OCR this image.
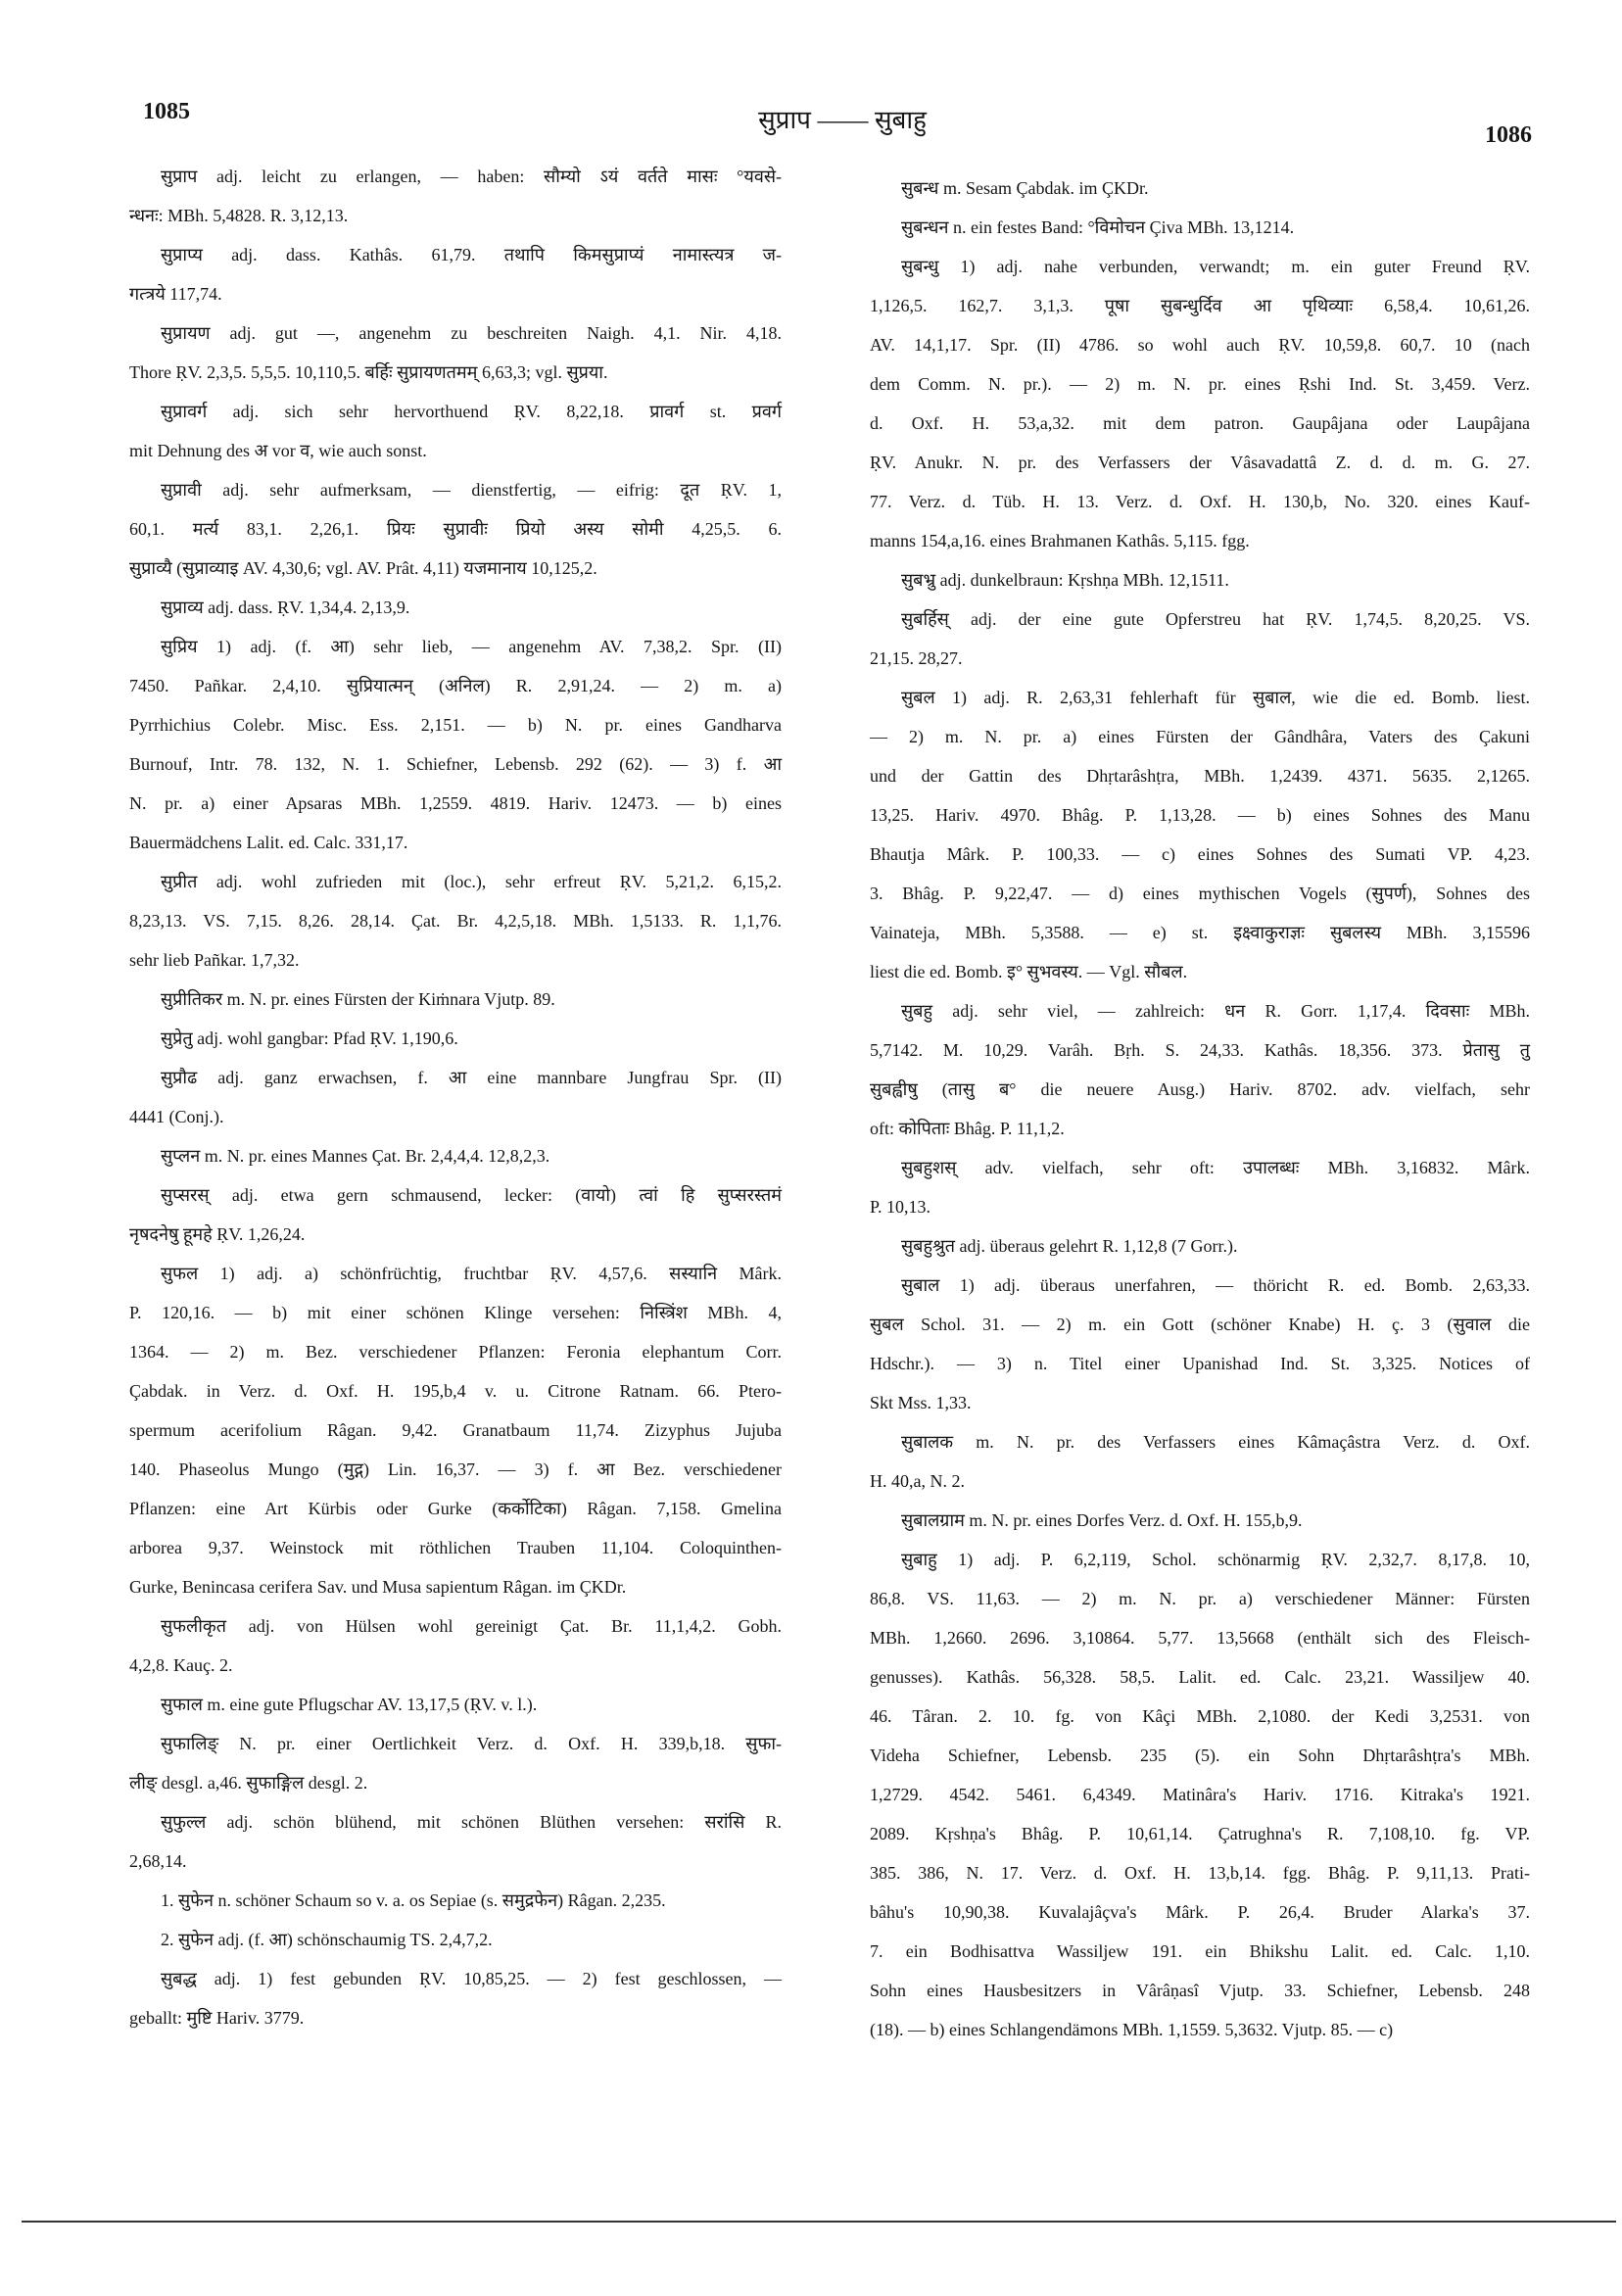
1085	सुप्राप —— सुबाहु
1086
सुप्राप adj. leicht zu erlangen, — haben: सौम्यो ऽयं वर्तते मासः °यवसे-
न्धनः: MBh. 5,4828. R. 3,12,13.
सुप्राप्य adj. dass. Kathâs. 61,79. तथापि किमसुप्राप्यं नामास्त्यत्र ज-
गत्त्रये 117,74.
सुप्रायण adj. gut —, angenehm zu beschreiten Naigh. 4,1. Nir. 4,18.
Thore ṚV. 2,3,5. 5,5,5. 10,110,5. बर्हिः सुप्रायणतमम् 6,63,3; vgl. सुप्रया.
सुप्रावर्ग adj. sich sehr hervorthuend ṚV. 8,22,18. प्रावर्ग st. प्रवर्ग
mit Dehnung des अ vor व, wie auch sonst.
सुप्रावी adj. sehr aufmerksam, — dienstfertig, — eifrig: दूत ṚV. 1,
60,1. मर्त्य 83,1. 2,26,1. प्रियः सुप्रावीः प्रियो अस्य सोमी 4,25,5. 6.
सुप्राव्यै (सुप्राव्याइ AV. 4,30,6; vgl. AV. Prât. 4,11) यजमानाय 10,125,2.
सुप्राव्य adj. dass. ṚV. 1,34,4. 2,13,9.
सुप्रिय 1) adj. (f. आ) sehr lieb, — angenehm AV. 7,38,2. Spr. (II)
7450. Pañkar. 2,4,10. सुप्रियात्मन् (अनिल) R. 2,91,24. — 2) m. a)
Pyrrhichius Colebr. Misc. Ess. 2,151. — b) N. pr. eines Gandharva
Burnouf, Intr. 78. 132, N. 1. Schiefner, Lebensb. 292 (62). — 3) f. आ
N. pr. a) einer Apsaras MBh. 1,2559. 4819. Hariv. 12473. — b) eines
Bauermädchens Lalit. ed. Calc. 331,17.
सुप्रीत adj. wohl zufrieden mit (loc.), sehr erfreut ṚV. 5,21,2. 6,15,2.
8,23,13. VS. 7,15. 8,26. 28,14. Çat. Br. 4,2,5,18. MBh. 1,5133. R. 1,1,76.
sehr lieb Pañkar. 1,7,32.
सुप्रीतिकर m. N. pr. eines Fürsten der Kiṁnara Vjutp. 89.
सुप्रेतु adj. wohl gangbar: Pfad ṚV. 1,190,6.
सुप्रौढ adj. ganz erwachsen, f. आ eine mannbare Jungfrau Spr. (II)
4441 (Conj.).
सुप्लन m. N. pr. eines Mannes Çat. Br. 2,4,4,4. 12,8,2,3.
सुप्सरस् adj. etwa gern schmausend, lecker: (वायो) त्वां हि सुप्सरस्तमं
नृषदनेषु हूमहे ṚV. 1,26,24.
सुफल 1) adj. a) schönfrüchtig, fruchtbar ṚV. 4,57,6. सस्यानि Mârk.
P. 120,16. — b) mit einer schönen Klinge versehen: निस्त्रिंश MBh. 4,
1364. — 2) m. Bez. verschiedener Pflanzen: Feronia elephantum Corr.
Çabdak. in Verz. d. Oxf. H. 195,b,4 v. u. Citrone Ratnam. 66. Ptero-
spermum acerifolium Râgan. 9,42. Granatbaum 11,74. Zizyphus Jujuba
140. Phaseolus Mungo (मुद्ग) Lin. 16,37. — 3) f. आ Bez. verschiedener
Pflanzen: eine Art Kürbis oder Gurke (कर्कोटिका) Râgan. 7,158. Gmelina
arborea 9,37. Weinstock mit röthlichen Trauben 11,104. Coloquinthen-
Gurke, Benincasa cerifera Sav. und Musa sapientum Râgan. im ÇKDr.
सुफलीकृत adj. von Hülsen wohl gereinigt Çat. Br. 11,1,4,2. Gobh.
4,2,8. Kauç. 2.
सुफाल m. eine gute Pflugschar AV. 13,17,5 (ṚV. v. l.).
सुफालिङ् N. pr. einer Oertlichkeit Verz. d. Oxf. H. 339,b,18. सुफा-
लीङ् desgl. a,46. सुफाङ्गिल desgl. 2.
सुफुल्ल adj. schön blühend, mit schönen Blüthen versehen: सरांसि R.
2,68,14.
1. सुफेन n. schöner Schaum so v. a. os Sepiae (s. समुद्रफेन) Râgan. 2,235.
2. सुफेन adj. (f. आ) schönschaumig TS. 2,4,7,2.
सुबद्ध adj. 1) fest gebunden ṚV. 10,85,25. — 2) fest geschlossen, —
geballt: मुष्टि Hariv. 3779.
सुबन्ध m. Sesam Çabdak. im ÇKDr.
सुबन्धन n. ein festes Band: °विमोचन Çiva MBh. 13,1214.
सुबन्धु 1) adj. nahe verbunden, verwandt; m. ein guter Freund ṚV.
1,126,5. 162,7. 3,1,3. पूषा सुबन्धुर्दिव आ पृथिव्याः 6,58,4. 10,61,26.
AV. 14,1,17. Spr. (II) 4786. so wohl auch ṚV. 10,59,8. 60,7. 10 (nach
dem Comm. N. pr.). — 2) m. N. pr. eines Ṛshi Ind. St. 3,459. Verz.
d. Oxf. H. 53,a,32. mit dem patron. Gaupâjana oder Laupâjana
ṚV. Anukr. N. pr. des Verfassers der Vâsavadattâ Z. d. d. m. G. 27.
77. Verz. d. Tüb. H. 13. Verz. d. Oxf. H. 130,b, No. 320. eines Kauf-
manns 154,a,16. eines Brahmanen Kathâs. 5,115. fgg.
सुबभ्रु adj. dunkelbraun: Kṛshṇa MBh. 12,1511.
सुबर्हिस् adj. der eine gute Opferstreu hat ṚV. 1,74,5. 8,20,25. VS.
21,15. 28,27.
सुबल 1) adj. R. 2,63,31 fehlerhaft für सुबाल, wie die ed. Bomb. liest.
— 2) m. N. pr. a) eines Fürsten der Gândhâra, Vaters des Çakuni
und der Gattin des Dhṛtarâshṭra, MBh. 1,2439. 4371. 5635. 2,1265.
13,25. Hariv. 4970. Bhâg. P. 1,13,28. — b) eines Sohnes des Manu
Bhautja Mârk. P. 100,33. — c) eines Sohnes des Sumati VP. 4,23.
3. Bhâg. P. 9,22,47. — d) eines mythischen Vogels (सुपर्ण), Sohnes des
Vainateja, MBh. 5,3588. — e) st. इक्ष्वाकुराज्ञः सुबलस्य MBh. 3,15596
liest die ed. Bomb. इ° सुभवस्य. — Vgl. सौबल.
सुबहु adj. sehr viel, — zahlreich: धन R. Gorr. 1,17,4. दिवसाः MBh.
5,7142. M. 10,29. Varâh. Bṛh. S. 24,33. Kathâs. 18,356. 373. प्रेतासु तु
सुबह्वीषु (तासु ब° die neuere Ausg.) Hariv. 8702. adv. vielfach, sehr
oft: कोपिताः Bhâg. P. 11,1,2.
सुबहुशस् adv. vielfach, sehr oft: उपालब्धः MBh. 3,16832. Mârk.
P. 10,13.
सुबहुश्रुत adj. überaus gelehrt R. 1,12,8 (7 Gorr.).
सुबाल 1) adj. überaus unerfahren, — thöricht R. ed. Bomb. 2,63,33.
सुबल Schol. 31. — 2) m. ein Gott (schöner Knabe) H. ç. 3 (सुवाल die
Hdschr.). — 3) n. Titel einer Upanishad Ind. St. 3,325. Notices of
Skt Mss. 1,33.
सुबालक m. N. pr. des Verfassers eines Kâmaçâstra Verz. d. Oxf.
H. 40,a, N. 2.
सुबालग्राम m. N. pr. eines Dorfes Verz. d. Oxf. H. 155,b,9.
सुबाहु 1) adj. P. 6,2,119, Schol. schönarmig ṚV. 2,32,7. 8,17,8. 10,
86,8. VS. 11,63. — 2) m. N. pr. a) verschiedener Männer: Fürsten
MBh. 1,2660. 2696. 3,10864. 5,77. 13,5668 (enthält sich des Fleisch-
genusses). Kathâs. 56,328. 58,5. Lalit. ed. Calc. 23,21. Wassiljew 40.
46. Târan. 2. 10. fg. von Kâçi MBh. 2,1080. der Kedi 3,2531. von
Videha Schiefner, Lebensb. 235 (5). ein Sohn Dhṛtarâshṭra's MBh.
1,2729. 4542. 5461. 6,4349. Matinâra's Hariv. 1716. Kitraka's 1921.
2089. Kṛshṇa's Bhâg. P. 10,61,14. Çatrughna's R. 7,108,10. fg. VP.
385. 386, N. 17. Verz. d. Oxf. H. 13,b,14. fgg. Bhâg. P. 9,11,13. Prati-
bâhu's 10,90,38. Kuvalajâçva's Mârk. P. 26,4. Bruder Alarka's 37.
7. ein Bodhisattva Wassiljew 191. ein Bhikshu Lalit. ed. Calc. 1,10.
Sohn eines Hausbesitzers in Vârâṇasî Vjutp. 33. Schiefner, Lebensb. 248
(18). — b) eines Schlangendämons MBh. 1,1559. 5,3632. Vjutp. 85. — c)
